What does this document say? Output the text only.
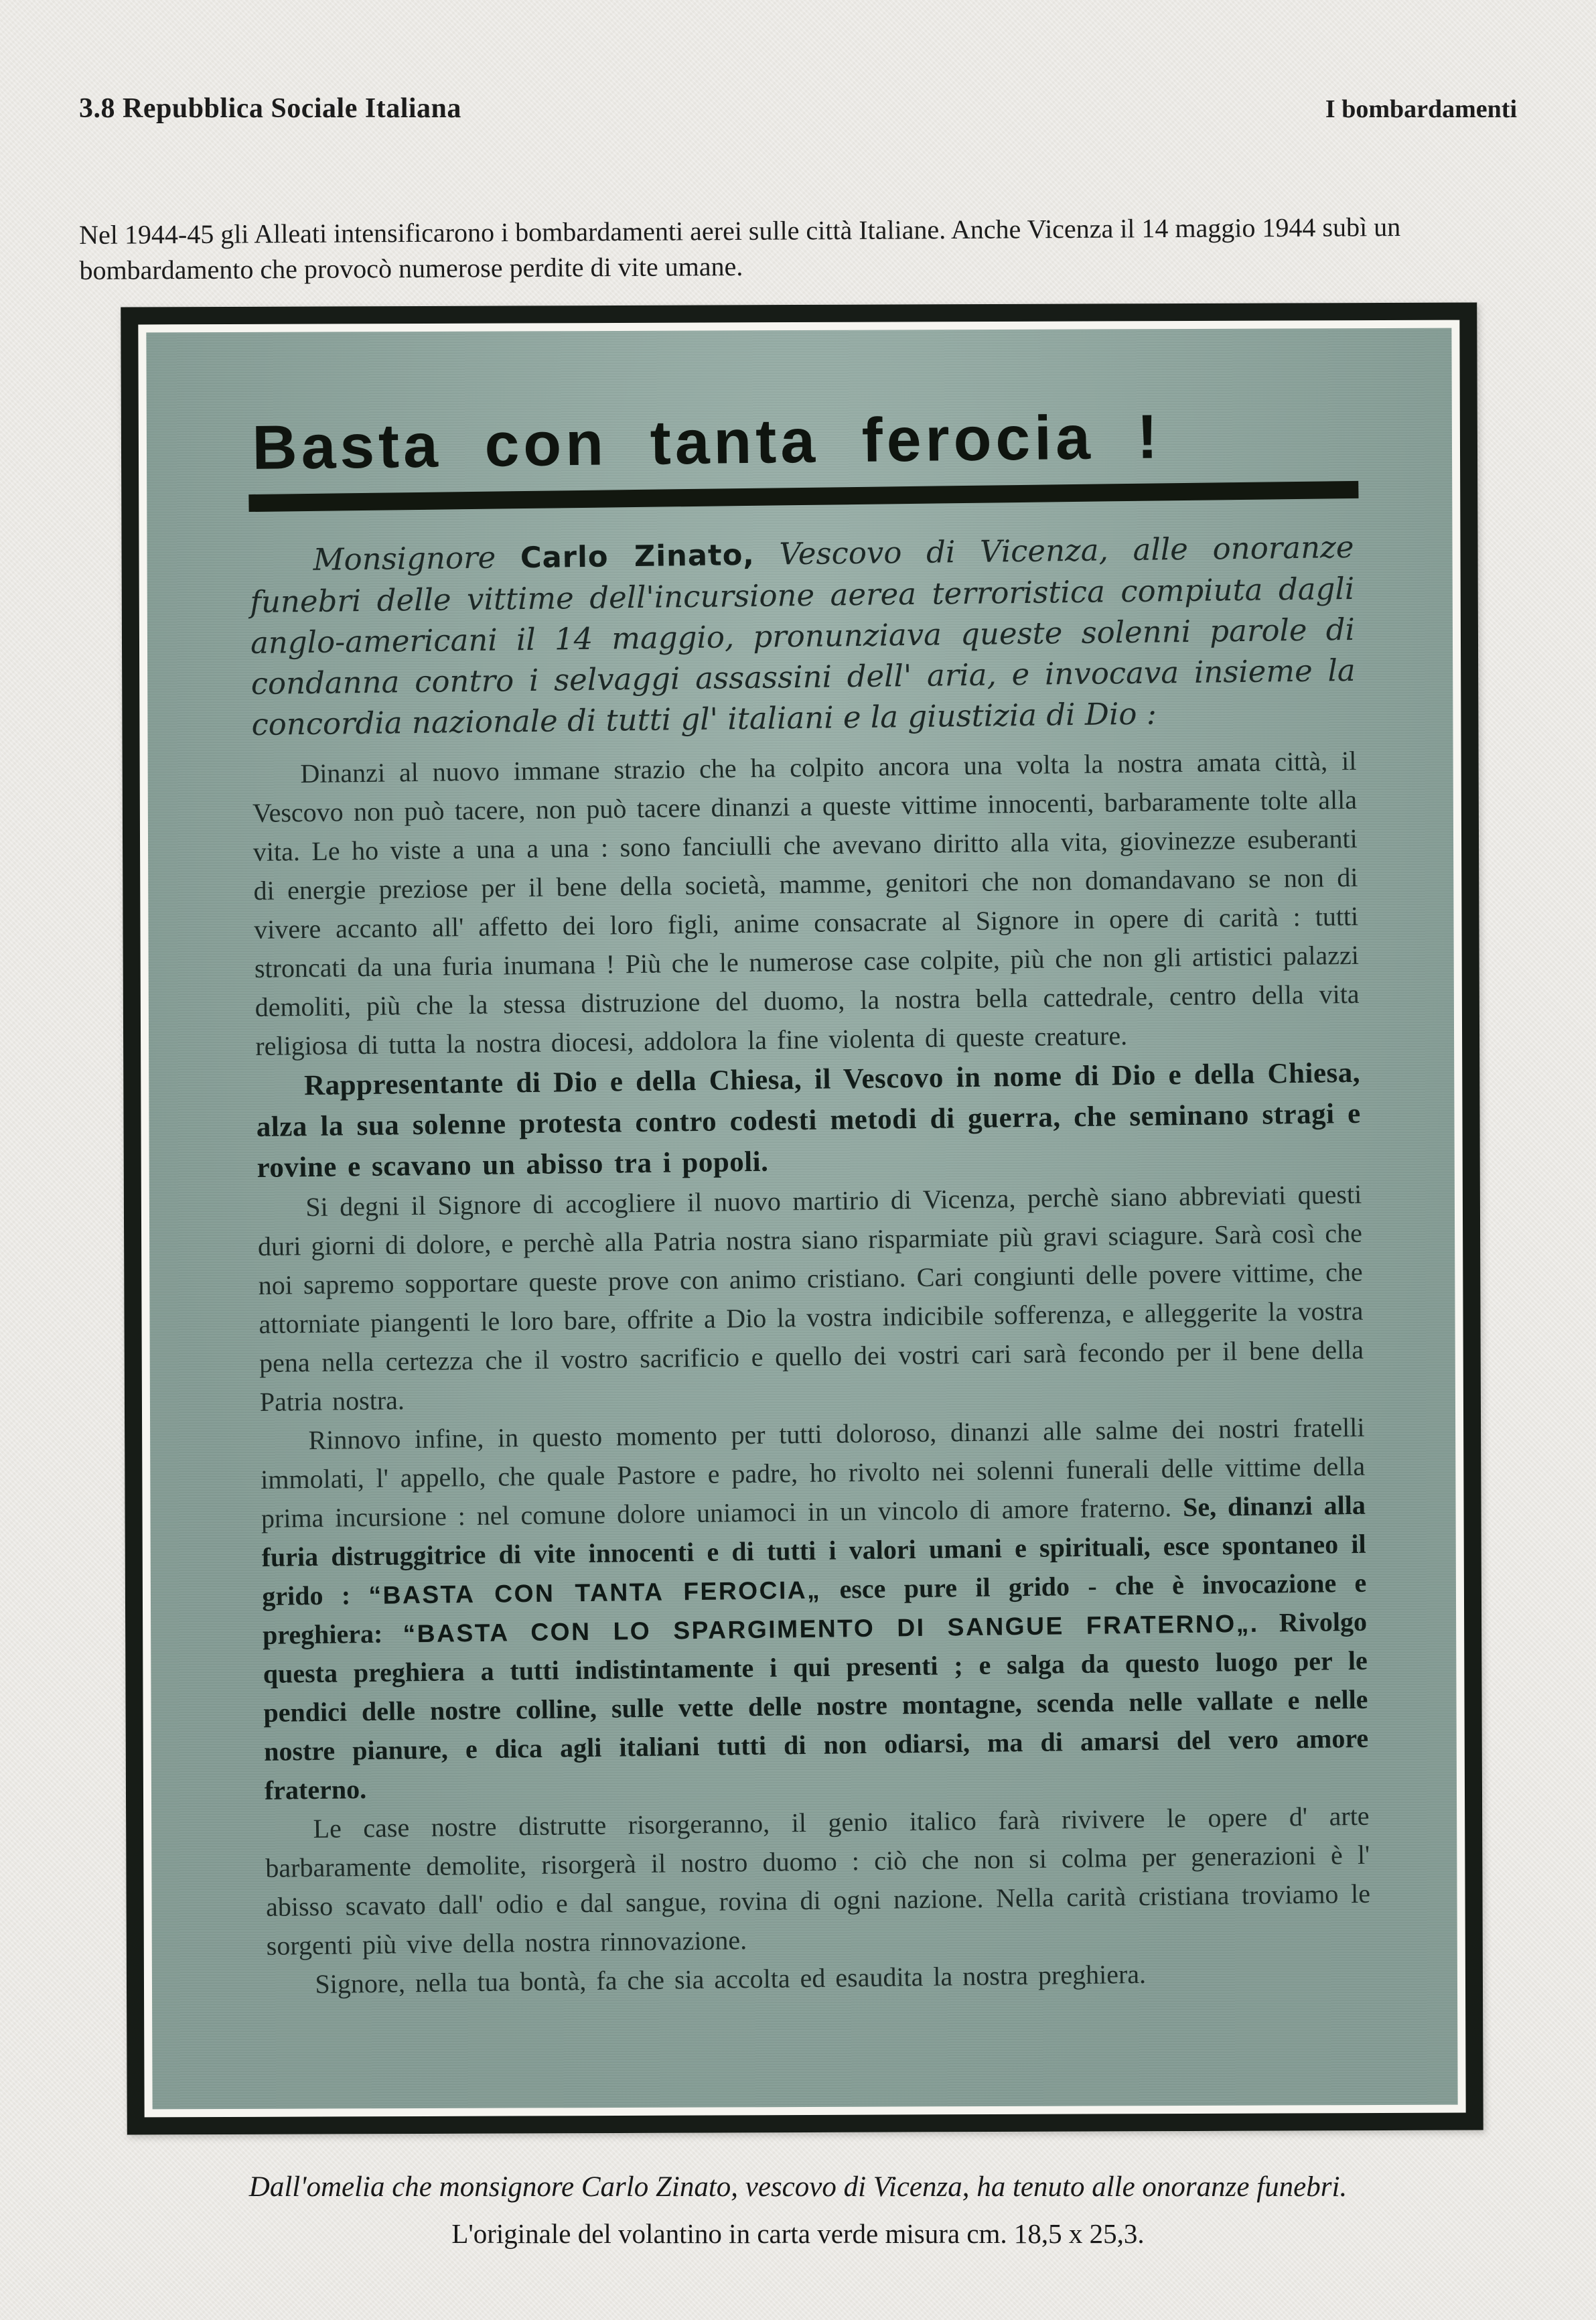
3.8 Repubblica Sociale Italiana	I bombardamenti

Nel 1944-45 gli Alleati intensificarono i bombardamenti aerei sulle città Italiane. Anche Vicenza il 14 maggio 1944 subì un bombardamento che provocò numerose perdite di vite umane.

Basta con tanta ferocia !

Monsignore Carlo Zinato, Vescovo di Vicenza, alle onoranze funebri delle vittime dell'incursione aerea terroristica compiuta dagli anglo-americani il 14 maggio, pronunziava queste solenni parole di condanna contro i selvaggi assassini dell' aria, e invocava insieme la concordia nazionale di tutti gl' italiani e la giustizia di Dio :

Dinanzi al nuovo immane strazio che ha colpito ancora una volta la nostra amata città, il Vescovo non può tacere, non può tacere dinanzi a queste vittime innocenti, barbaramente tolte alla vita. Le ho viste a una a una : sono fanciulli che avevano diritto alla vita, giovinezze esuberanti di energie preziose per il bene della società, mamme, genitori che non domandavano se non di vivere accanto all' affetto dei loro figli, anime consacrate al Signore in opere di carità : tutti stroncati da una furia inumana ! Più che le numerose case colpite, più che non gli artistici palazzi demoliti, più che la stessa distruzione del duomo, la nostra bella cattedrale, centro della vita religiosa di tutta la nostra diocesi, addolora la fine violenta di queste creature.

Rappresentante di Dio e della Chiesa, il Vescovo in nome di Dio e della Chiesa, alza la sua solenne protesta contro codesti metodi di guerra, che seminano stragi e rovine e scavano un abisso tra i popoli.

Si degni il Signore di accogliere il nuovo martirio di Vicenza, perchè siano abbreviati questi duri giorni di dolore, e perchè alla Patria nostra siano risparmiate più gravi sciagure. Sarà così che noi sapremo sopportare queste prove con animo cristiano. Cari congiunti delle povere vittime, che attorniate piangenti le loro bare, offrite a Dio la vostra indicibile sofferenza, e alleggerite la vostra pena nella certezza che il vostro sacrificio e quello dei vostri cari sarà fecondo per il bene della Patria nostra.

Rinnovo infine, in questo momento per tutti doloroso, dinanzi alle salme dei nostri fratelli immolati, l' appello, che quale Pastore e padre, ho rivolto nei solenni funerali delle vittime della prima incursione : nel comune dolore uniamoci in un vincolo di amore fraterno. Se, dinanzi alla furia distruggitrice di vite innocenti e di tutti i valori umani e spirituali, esce spontaneo il grido : “BASTA CON TANTA FEROCIA„ esce pure il grido - che è invocazione e preghiera: “BASTA CON LO SPARGIMENTO DI SANGUE FRATERNO„. Rivolgo questa preghiera a tutti indistintamente i qui presenti ; e salga da questo luogo per le pendici delle nostre colline, sulle vette delle nostre montagne, scenda nelle vallate e nelle nostre pianure, e dica agli italiani tutti di non odiarsi, ma di amarsi del vero amore fraterno.

Le case nostre distrutte risorgeranno, il genio italico farà rivivere le opere d' arte barbaramente demolite, risorgerà il nostro duomo : ciò che non si colma per generazioni è l' abisso scavato dall' odio e dal sangue, rovina di ogni nazione. Nella carità cristiana troviamo le sorgenti più vive della nostra rinnovazione.

Signore, nella tua bontà, fa che sia accolta ed esaudita la nostra preghiera.

Dall'omelia che monsignore Carlo Zinato, vescovo di Vicenza, ha tenuto alle onoranze funebri.
L'originale del volantino in carta verde misura cm. 18,5 x 25,3.
